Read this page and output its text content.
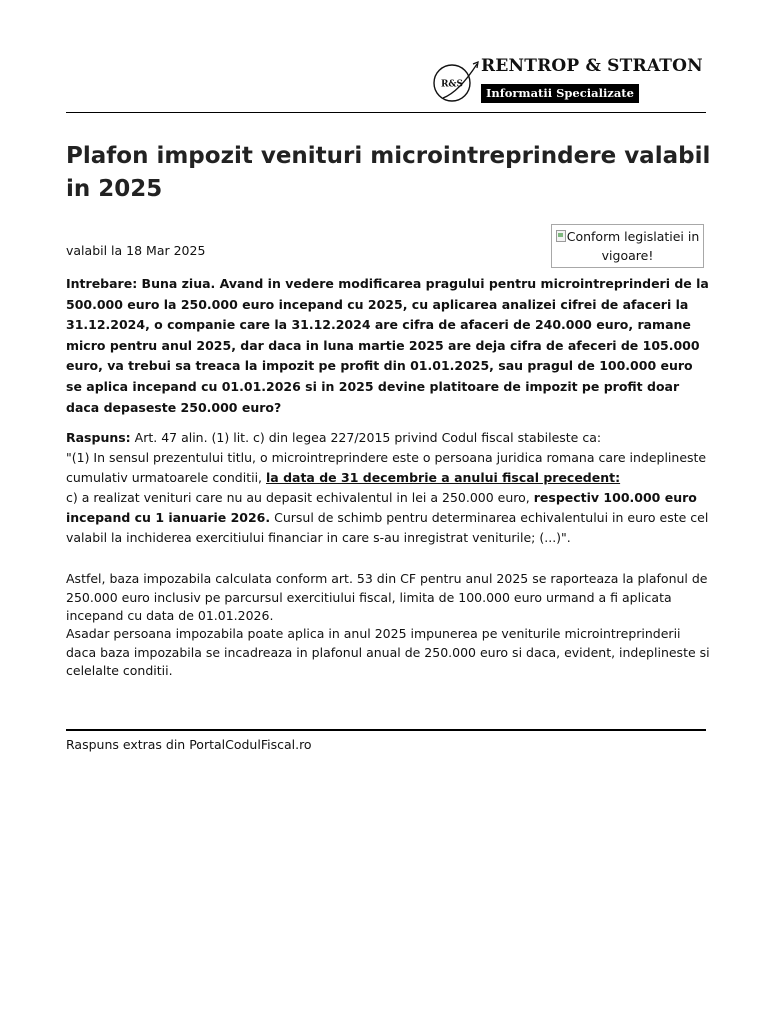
R&S
RENTROP & STRATON
Informatii Specializate
Plafon impozit venituri microintreprindere valabil in 2025
valabil la 18 Mar 2025
Conform legislatiei in vigoare!

Intrebare: Buna ziua. Avand in vedere modificarea pragului pentru microintreprinderi de la 500.000 euro la 250.000 euro incepand cu 2025, cu aplicarea analizei cifrei de afaceri la 31.12.2024, o companie care la 31.12.2024 are cifra de afaceri de 240.000 euro, ramane micro pentru anul 2025, dar daca in luna martie 2025 are deja cifra de afeceri de 105.000 euro, va trebui sa treaca la impozit pe profit din 01.01.2025, sau pragul de 100.000 euro se aplica incepand cu 01.01.2026 si in 2025 devine platitoare de impozit pe profit doar daca depaseste 250.000 euro?

Raspuns: Art. 47 alin. (1) lit. c) din legea 227/2015 privind Codul fiscal stabileste ca:
"(1) In sensul prezentului titlu, o microintreprindere este o persoana juridica romana care indeplineste cumulativ urmatoarele conditii, la data de 31 decembrie a anului fiscal precedent:
c) a realizat venituri care nu au depasit echivalentul in lei a 250.000 euro, respectiv 100.000 euro incepand cu 1 ianuarie 2026. Cursul de schimb pentru determinarea echivalentului in euro este cel valabil la inchiderea exercitiului financiar in care s-au inregistrat veniturile; (...)".

Astfel, baza impozabila calculata conform art. 53 din CF pentru anul 2025 se raporteaza la plafonul de 250.000 euro inclusiv pe parcursul exercitiului fiscal, limita de 100.000 euro urmand a fi aplicata incepand cu data de 01.01.2026.

Asadar persoana impozabila poate aplica in anul 2025 impunerea pe veniturile microintreprinderii daca baza impozabila se incadreaza in plafonul anual de 250.000 euro si daca, evident, indeplineste si celelalte conditii.

Raspuns extras din PortalCodulFiscal.ro
